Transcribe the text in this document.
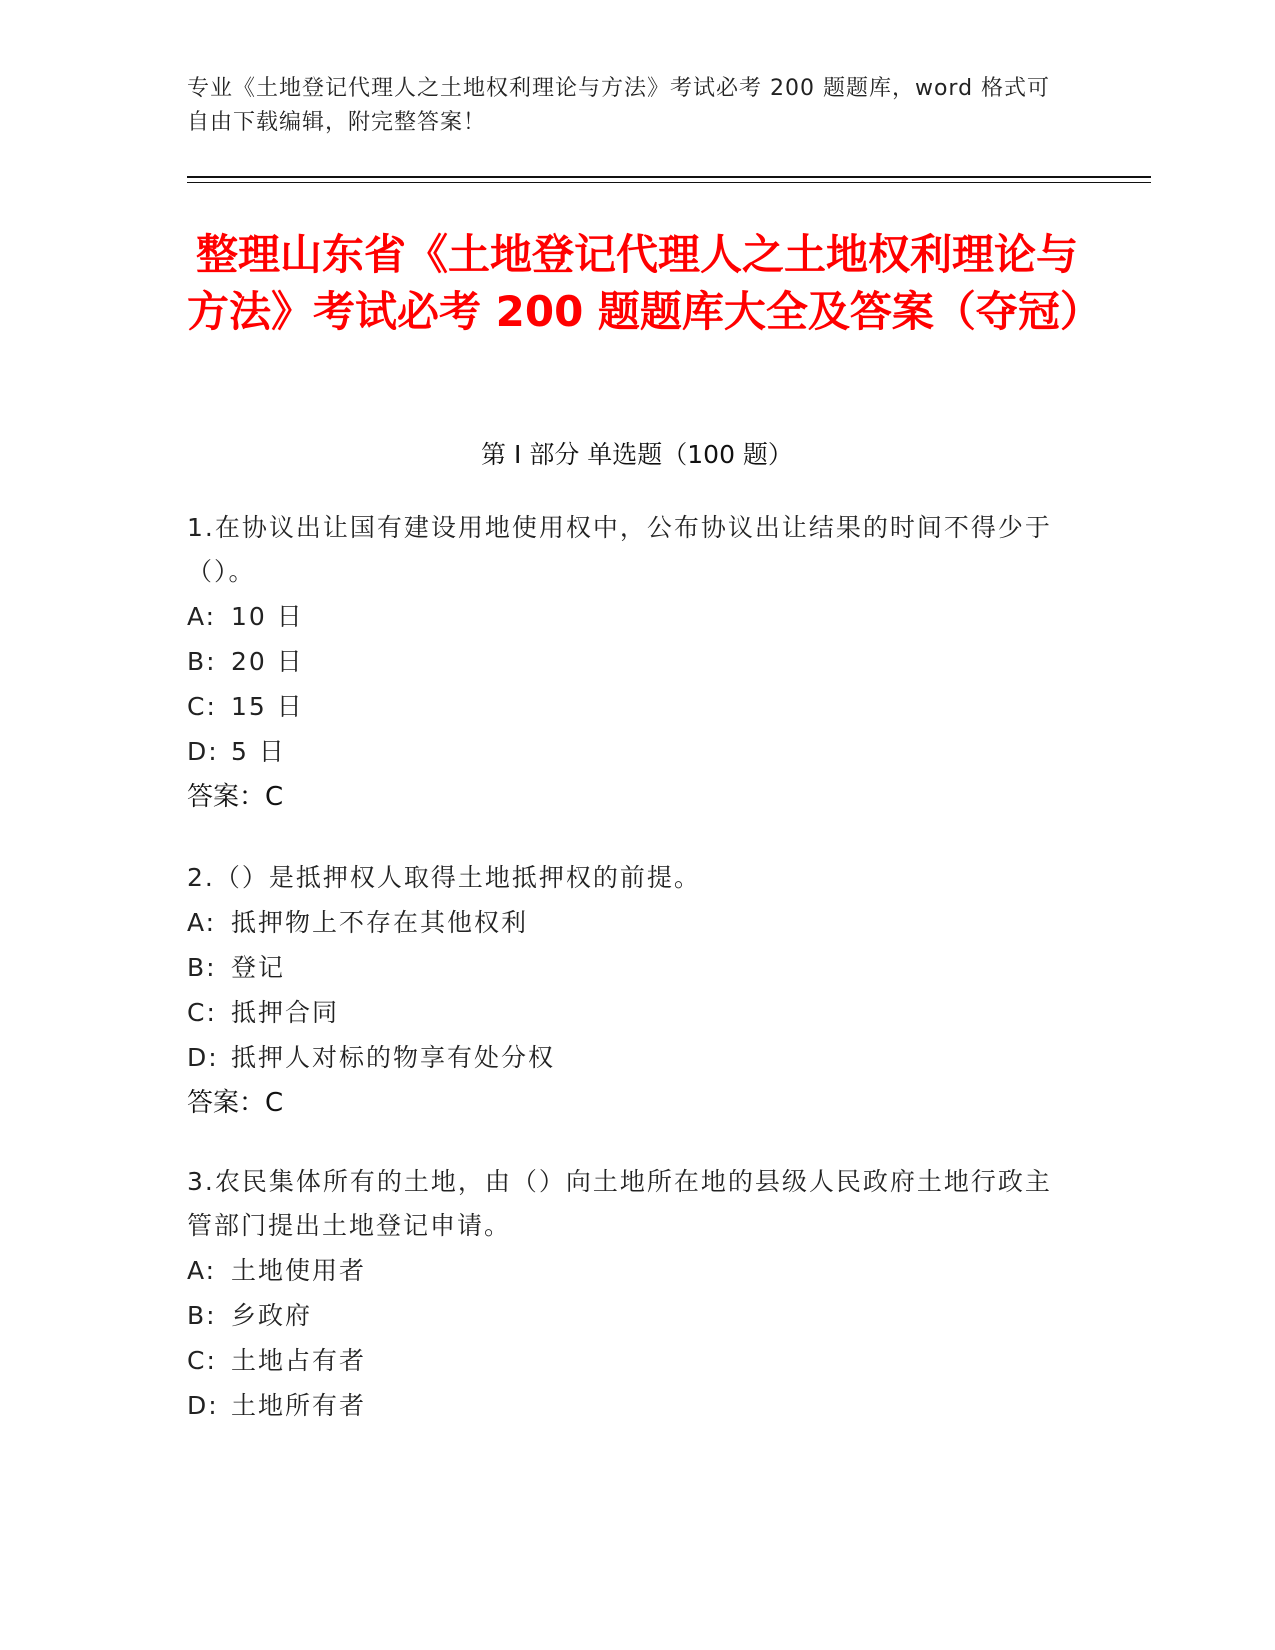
专业《土地登记代理人之土地权利理论与方法》考试必考 200 题题库，word 格式可自由下载编辑，附完整答案！
整理山东省《土地登记代理人之土地权利理论与方法》考试必考 200 题题库大全及答案（夺冠）
第 I 部分 单选题（100 题）

1.在协议出让国有建设用地使用权中，公布协议出让结果的时间不得少于（）。

A: 10 日
B: 20 日
C: 15 日
D: 5 日
答案：C

2.（）是抵押权人取得土地抵押权的前提。

A: 抵押物上不存在其他权利
B: 登记
C: 抵押合同
D: 抵押人对标的物享有处分权
答案：C

3.农民集体所有的土地，由（）向土地所在地的县级人民政府土地行政主管部门提出土地登记申请。

A: 土地使用者
B: 乡政府
C: 土地占有者
D: 土地所有者
